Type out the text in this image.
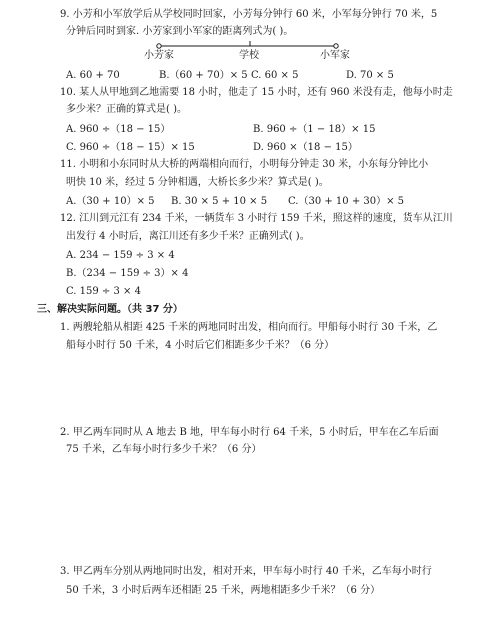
9. 小芳和小军放学后从学校同时回家，小芳每分钟行 60 米，小军每分钟行 70 米，5
分钟后同时到家. 小芳家到小军家的距离列式为( )。
小芳家	学校	小军家
A. 60 + 70	B.（60 + 70）× 5 C. 60 × 5	D. 70 × 5
10. 某人从甲地到乙地需要 18 小时，他走了 15 小时，还有 960 米没有走，他每小时走
多少米？正确的算式是( )。
A. 960 ÷（18 − 15）	B. 960 ÷（1 − 18）× 15
C. 960 ÷（18 − 15）× 15	D. 960 ×（18 − 15）
11. 小明和小东同时从大桥的两端相向而行，小明每分钟走 30 米，小东每分钟比小
明快 10 米，经过 5 分钟相遇，大桥长多少米？算式是( )。
A.（30 + 10）× 5 B. 30 × 5 + 10 × 5 C.（30 + 10 + 30）× 5
12. 江川到元江有 234 千米，一辆货车 3 小时行 159 千米，照这样的速度，货车从江川
出发行 4 小时后，离江川还有多少千米？正确列式( )。
A. 234 − 159 ÷ 3 × 4
B.（234 − 159 ÷ 3）× 4
C. 159 ÷ 3 × 4
三、解决实际问题。（共 37 分）
1. 两艘轮船从相距 425 千米的两地同时出发，相向而行。甲船每小时行 30 千米，乙
船每小时行 50 千米，4 小时后它们相距多少千米？（6 分）
2. 甲乙两车同时从 A 地去 B 地，甲车每小时行 64 千米，5 小时后，甲车在乙车后面
75 千米，乙车每小时行多少千米？（6 分）
3. 甲乙两车分别从两地同时出发，相对开来，甲车每小时行 40 千米，乙车每小时行
50 千米，3 小时后两车还相距 25 千米，两地相距多少千米？（6 分）
